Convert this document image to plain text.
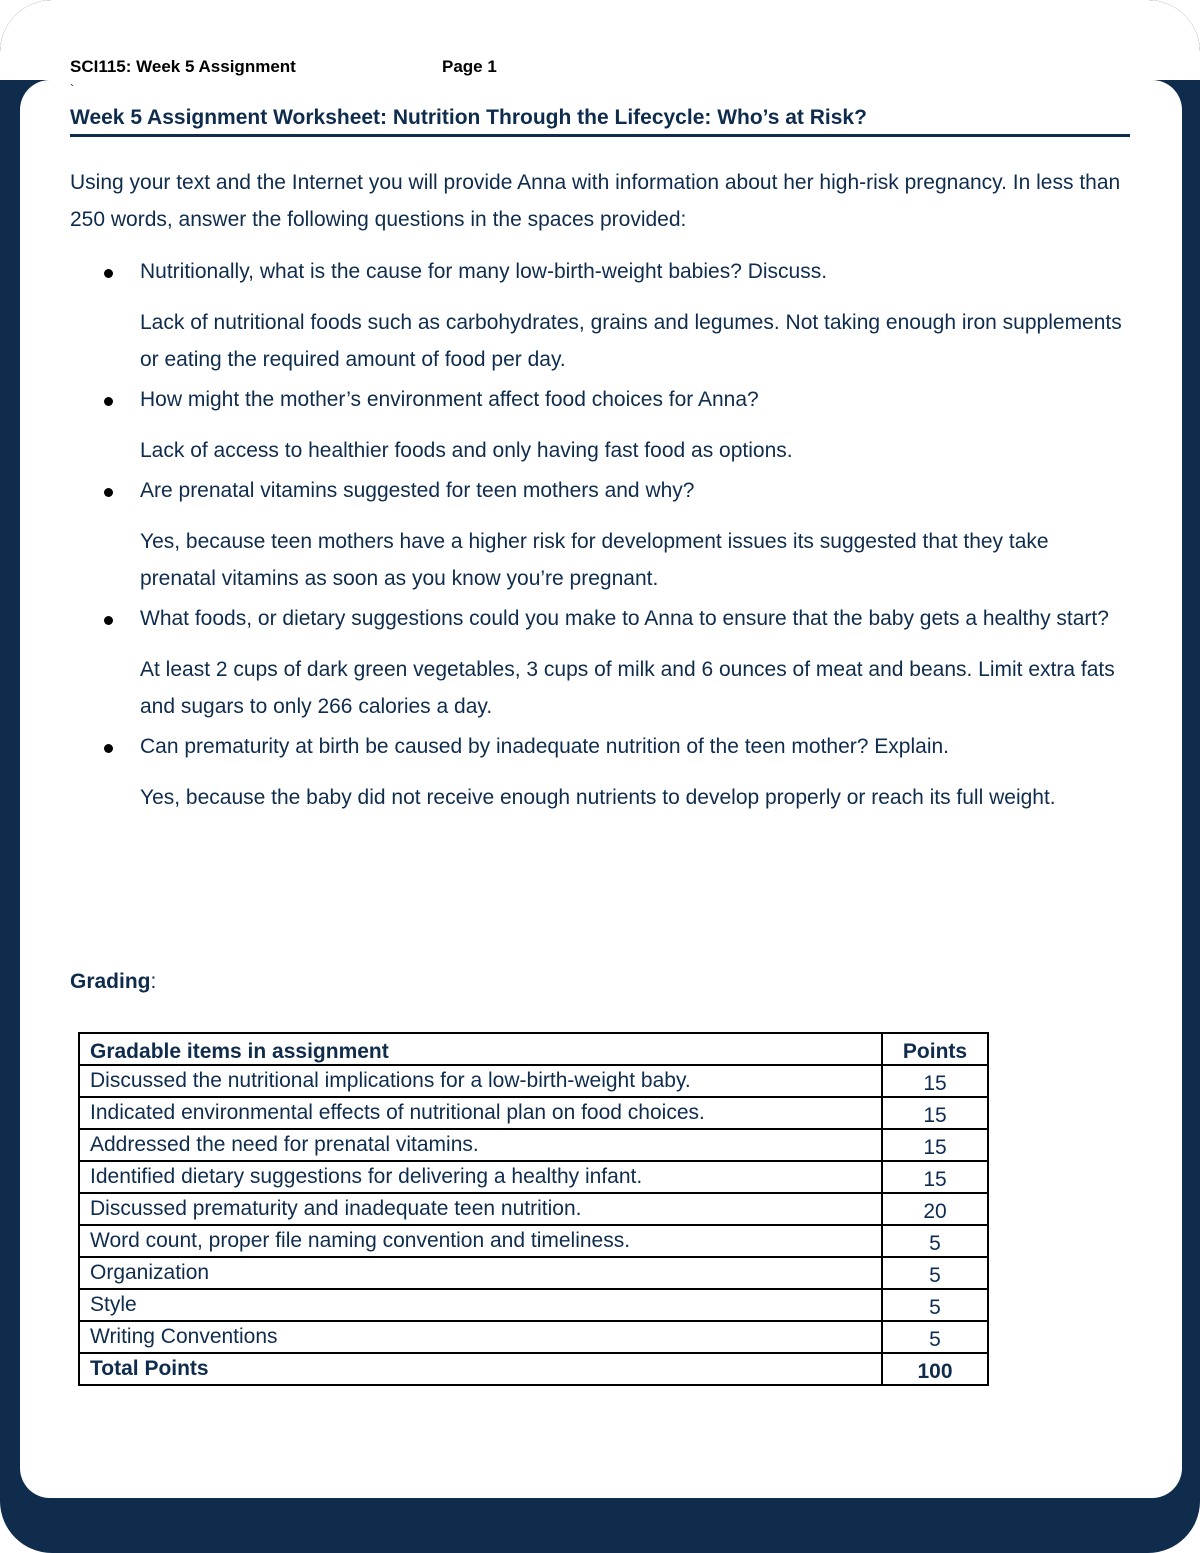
SCI115: Week 5 Assignment	Page 1
`
Week 5 Assignment Worksheet: Nutrition Through the Lifecycle: Who’s at Risk?
Using your text and the Internet you will provide Anna with information about her high-risk pregnancy. In less than 250 words, answer the following questions in the spaces provided:
Nutritionally, what is the cause for many low-birth-weight babies? Discuss.
Lack of nutritional foods such as carbohydrates, grains and legumes. Not taking enough iron supplements or eating the required amount of food per day.
How might the mother’s environment affect food choices for Anna?
Lack of access to healthier foods and only having fast food as options.
Are prenatal vitamins suggested for teen mothers and why?
Yes, because teen mothers have a higher risk for development issues its suggested that they take prenatal vitamins as soon as you know you’re pregnant.
What foods, or dietary suggestions could you make to Anna to ensure that the baby gets a healthy start?
At least 2 cups of dark green vegetables, 3 cups of milk and 6 ounces of meat and beans. Limit extra fats and sugars to only 266 calories a day.
Can prematurity at birth be caused by inadequate nutrition of the teen mother? Explain.
Yes, because the baby did not receive enough nutrients to develop properly or reach its full weight.
Grading:
Gradable items in assignment	Points
Discussed the nutritional implications for a low-birth-weight baby.	15
Indicated environmental effects of nutritional plan on food choices.	15
Addressed the need for prenatal vitamins.	15
Identified dietary suggestions for delivering a healthy infant.	15
Discussed prematurity and inadequate teen nutrition.	20
Word count, proper file naming convention and timeliness.	5
Organization	5
Style	5
Writing Conventions	5
Total Points	100
